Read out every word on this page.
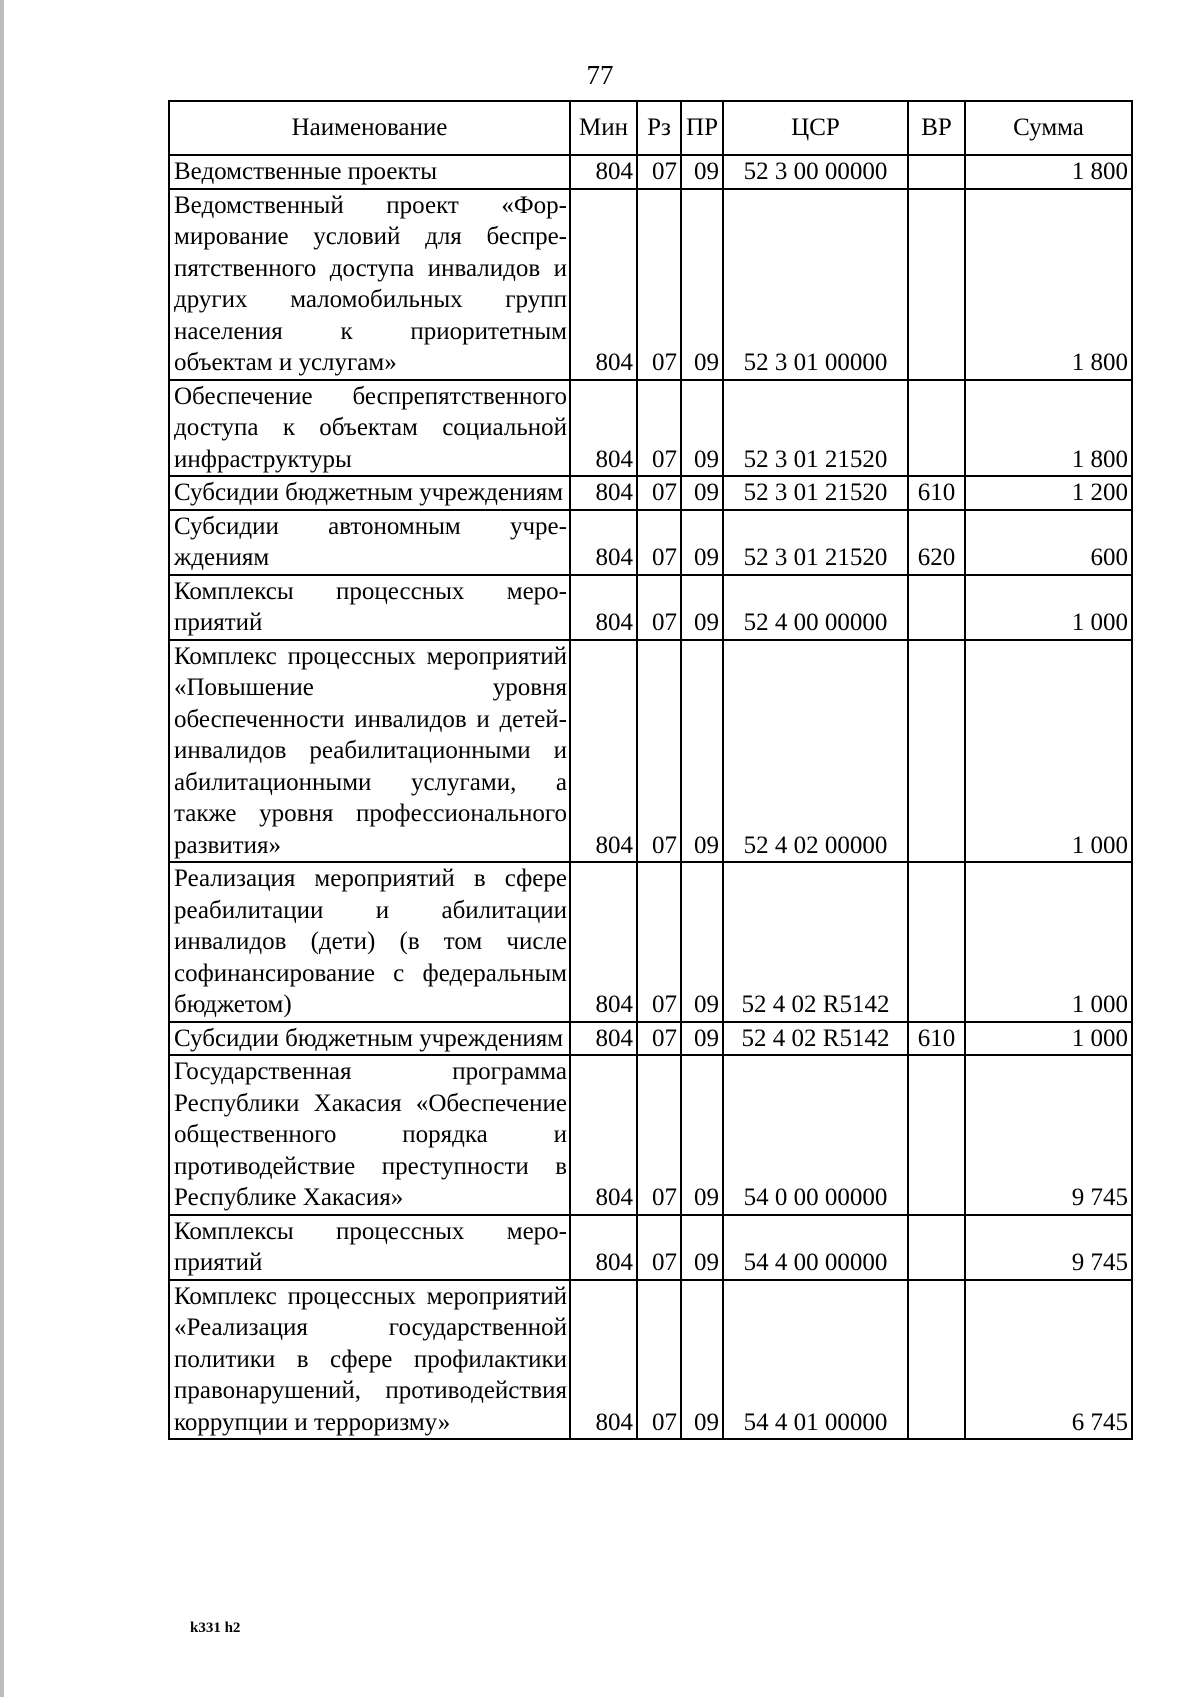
77
Наименование	Мин	Рз	ПР	ЦСР	ВР	Сумма
Ведомственные проекты	804	07	09	52 3 00 00000		1 800
Ведомственный проект «Формирование условий для беспрепятственного доступа инвалидов и других маломобильных групп населения к приоритетным объектам и услугам»	804	07	09	52 3 01 00000		1 800
Обеспечение беспрепятственного доступа к объектам социальной инфраструктуры	804	07	09	52 3 01 21520		1 800
Субсидии бюджетным учреждениям	804	07	09	52 3 01 21520	610	1 200
Субсидии автономным учреждениям	804	07	09	52 3 01 21520	620	600
Комплексы процессных мероприятий	804	07	09	52 4 00 00000		1 000
Комплекс процессных мероприятий «Повышение уровня обеспеченности инвалидов и детей-инвалидов реабилитационными и абилитационными услугами, а также уровня профессионального развития»	804	07	09	52 4 02 00000		1 000
Реализация мероприятий в сфере реабилитации и абилитации инвалидов (дети) (в том числе софинансирование с федеральным бюджетом)	804	07	09	52 4 02 R5142		1 000
Субсидии бюджетным учреждениям	804	07	09	52 4 02 R5142	610	1 000
Государственная программа Республики Хакасия «Обеспечение общественного порядка и противодействие преступности в Республике Хакасия»	804	07	09	54 0 00 00000		9 745
Комплексы процессных мероприятий	804	07	09	54 4 00 00000		9 745
Комплекс процессных мероприятий «Реализация государственной политики в сфере профилактики правонарушений, противодействия коррупции и терроризму»	804	07	09	54 4 01 00000		6 745
k331 h2
